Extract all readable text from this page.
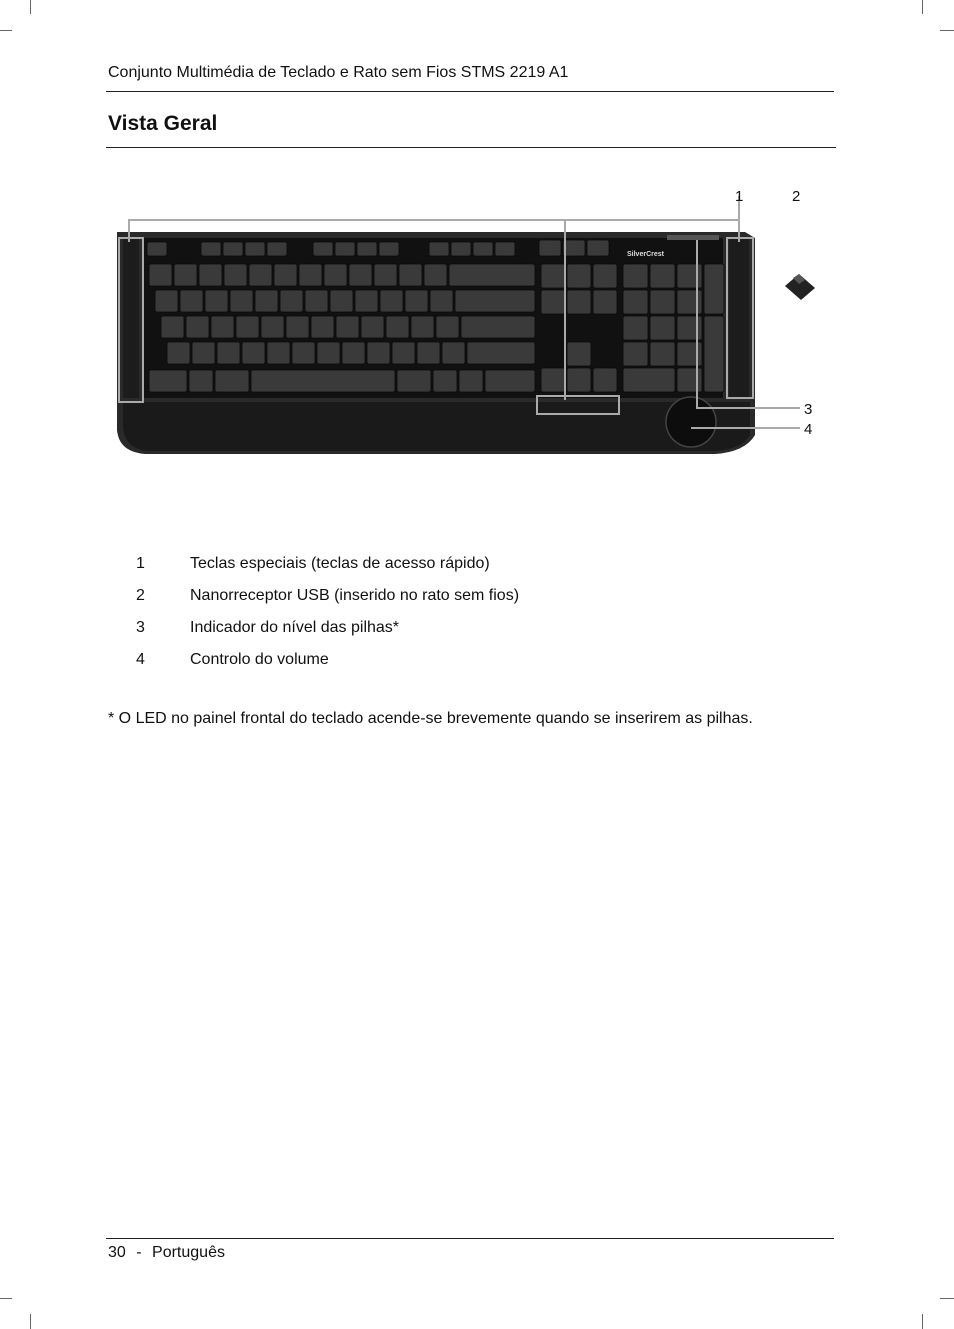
Conjunto Multimédia de Teclado e Rato sem Fios STMS 2219 A1
Vista Geral
SilverCrest
1	2
3
4
1	Teclas especiais (teclas de acesso rápido)
2	Nanorreceptor USB (inserido no rato sem fios)
3	Indicador do nível das pilhas*
4	Controlo do volume
* O LED no painel frontal do teclado acende-se brevemente quando se inserirem as pilhas.
30 - Português
